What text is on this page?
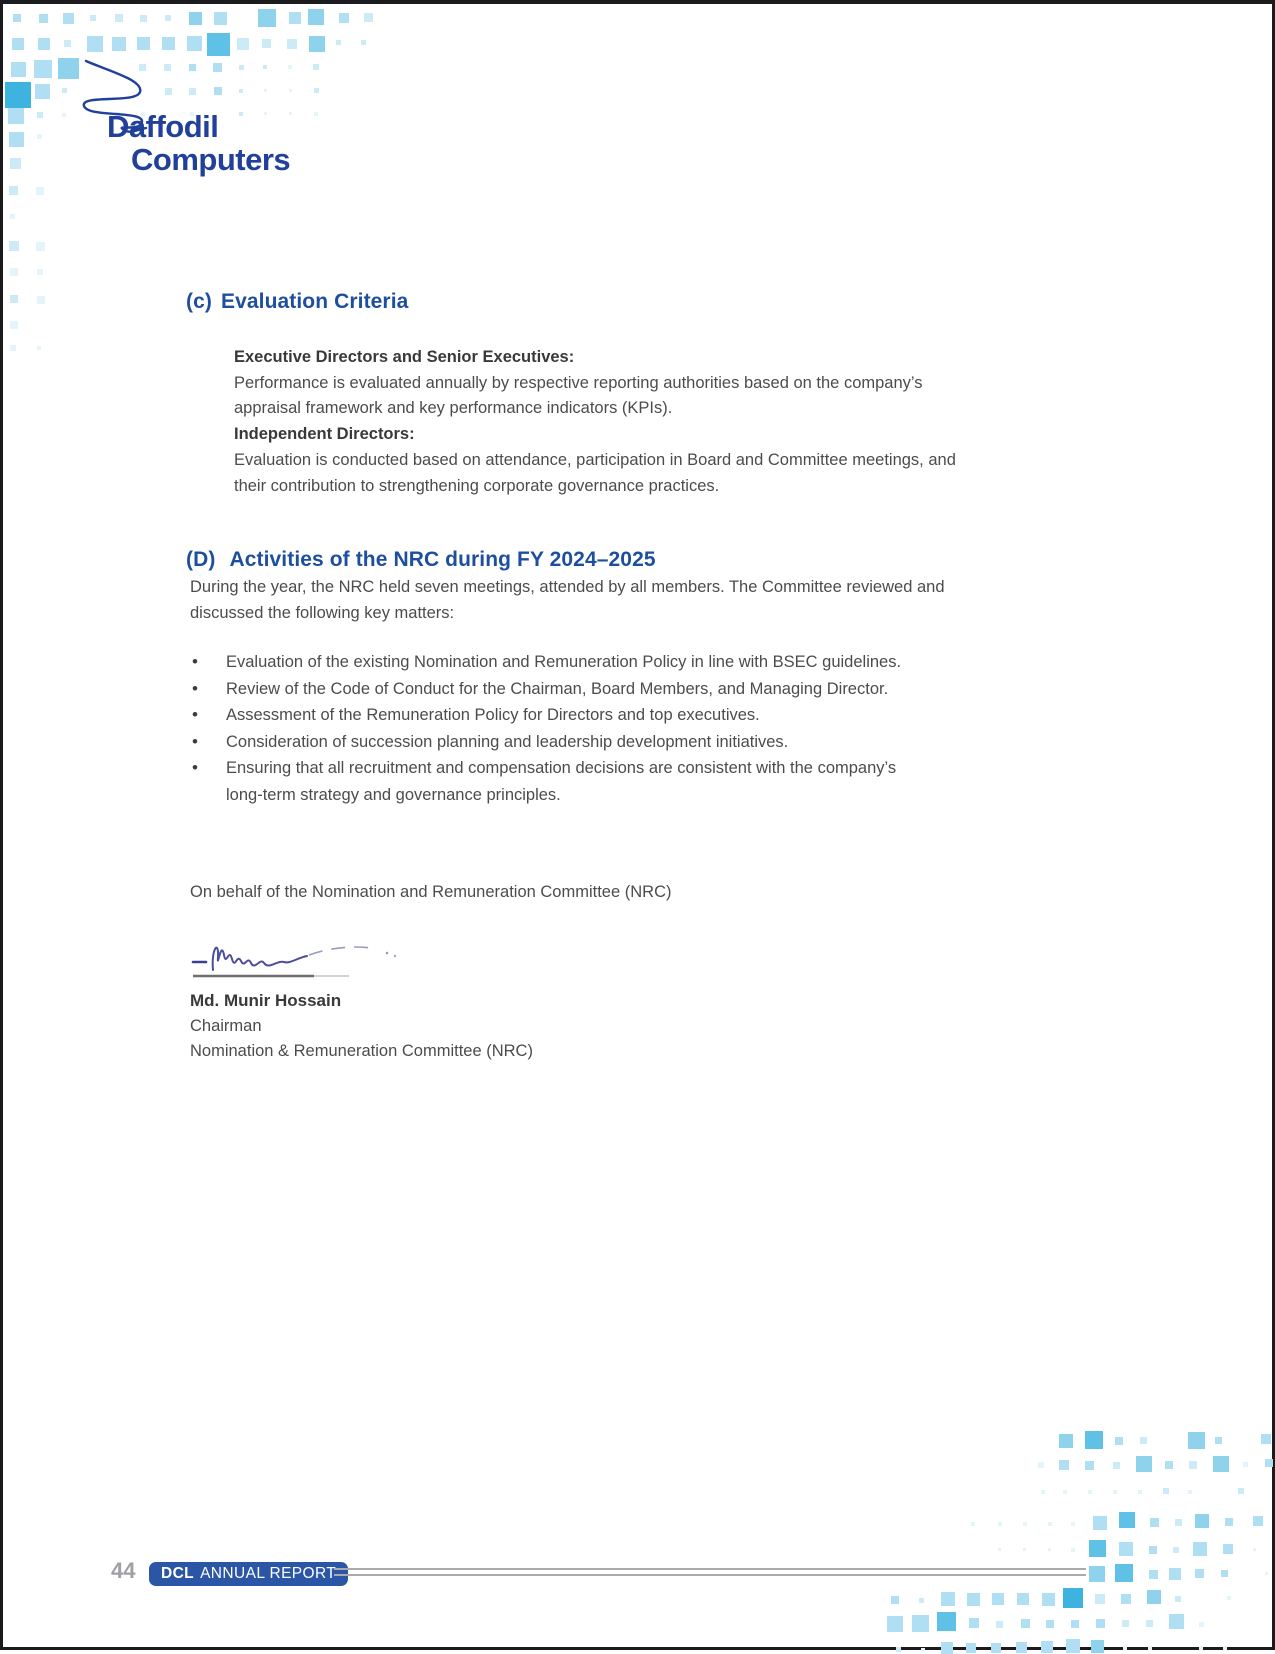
Daffodil
Computers
(c) Evaluation Criteria
Executive Directors and Senior Executives:
Performance is evaluated annually by respective reporting authorities based on the company’s
appraisal framework and key performance indicators (KPIs).
Independent Directors:
Evaluation is conducted based on attendance, participation in Board and Committee meetings, and
their contribution to strengthening corporate governance practices.
(D) Activities of the NRC during FY 2024–2025
During the year, the NRC held seven meetings, attended by all members. The Committee reviewed and
discussed the following key matters:
• Evaluation of the existing Nomination and Remuneration Policy in line with BSEC guidelines.
• Review of the Code of Conduct for the Chairman, Board Members, and Managing Director.
• Assessment of the Remuneration Policy for Directors and top executives.
• Consideration of succession planning and leadership development initiatives.
• Ensuring that all recruitment and compensation decisions are consistent with the company’s
long-term strategy and governance principles.
On behalf of the Nomination and Remuneration Committee (NRC)
Md. Munir Hossain
Chairman
Nomination & Remuneration Committee (NRC)
44 DCL ANNUAL REPORT
